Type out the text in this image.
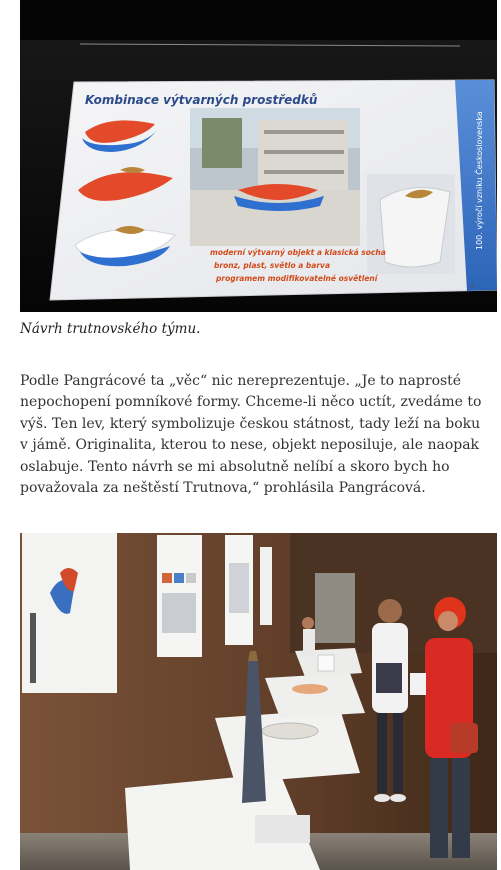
Kombinace výtvarných prostředků
moderní výtvarný objekt a klasická socha
bronz, plast, světlo a barva
programem modifikovatelné osvětlení
100. výročí vzniku Československa
4
Návrh trutnovského týmu.

Podle Pangrácové ta „věc“ nic nereprezentuje. „Je to naprosté nepochopení pomníkové formy. Chceme-li něco uctít, zvedáme to výš. Ten lev, který symbolizuje českou státnost, tady leží na boku v jámě. Originalita, kterou to nese, objekt neposiluje, ale naopak oslabuje. Tento návrh se mi absolutně nelíbí a skoro bych ho považovala za neštěstí Trutnova,“ prohlásila Pangrácová.
